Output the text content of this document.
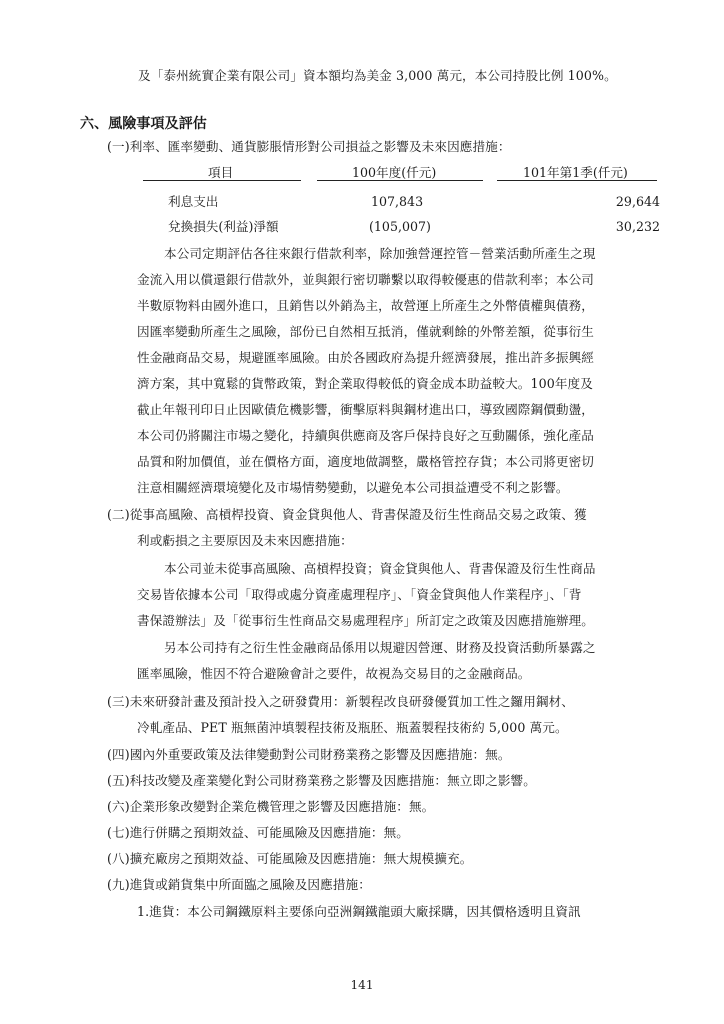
及「泰州統實企業有限公司」資本額均為美金 3,000 萬元，本公司持股比例 100%。
六、風險事項及評估
(一)利率、匯率變動、通貨膨脹情形對公司損益之影響及未來因應措施：
項目	100年度(仟元)	101年第1季(仟元)
利息支出	107,843	29,644
兌換損失(利益)淨額	(105,007)	30,232
本公司定期評估各往來銀行借款利率，除加強營運控管－營業活動所產生之現
金流入用以償還銀行借款外，並與銀行密切聯繫以取得較優惠的借款利率；本公司
半數原物料由國外進口，且銷售以外銷為主，故營運上所產生之外幣債權與債務，
因匯率變動所產生之風險，部份已自然相互抵消，僅就剩餘的外幣差額，從事衍生
性金融商品交易，規避匯率風險。由於各國政府為提升經濟發展，推出許多振興經
濟方案，其中寬鬆的貨幣政策，對企業取得較低的資金成本助益較大。100年度及
截止年報刊印日止因歐債危機影響，衝擊原料與鋼材進出口，導致國際鋼價動盪，
本公司仍將關注市場之變化，持續與供應商及客戶保持良好之互動關係，強化產品
品質和附加價值，並在價格方面，適度地做調整，嚴格管控存貨；本公司將更密切
注意相關經濟環境變化及市場情勢變動，以避免本公司損益遭受不利之影響。
(二)從事高風險、高槓桿投資、資金貸與他人、背書保證及衍生性商品交易之政策、獲
利或虧損之主要原因及未來因應措施：
本公司並未從事高風險、高槓桿投資；資金貸與他人、背書保證及衍生性商品
交易皆依據本公司「取得或處分資產處理程序」、「資金貸與他人作業程序」、「背
書保證辦法」及「從事衍生性商品交易處理程序」所訂定之政策及因應措施辦理。
另本公司持有之衍生性金融商品係用以規避因營運、財務及投資活動所暴露之
匯率風險，惟因不符合避險會計之要件，故視為交易目的之金融商品。
(三)未來研發計畫及預計投入之研發費用：新製程改良研發優質加工性之鑼用鋼材、
冷軋產品、PET 瓶無菌沖填製程技術及瓶胚、瓶蓋製程技術約 5,000 萬元。
(四)國內外重要政策及法律變動對公司財務業務之影響及因應措施：無。
(五)科技改變及產業變化對公司財務業務之影響及因應措施：無立即之影響。
(六)企業形象改變對企業危機管理之影響及因應措施：無。
(七)進行併購之預期效益、可能風險及因應措施：無。
(八)擴充廠房之預期效益、可能風險及因應措施：無大規模擴充。
(九)進貨或銷貨集中所面臨之風險及因應措施：
1.進貨：本公司鋼鐵原料主要係向亞洲鋼鐵龍頭大廠採購，因其價格透明且資訊
141
